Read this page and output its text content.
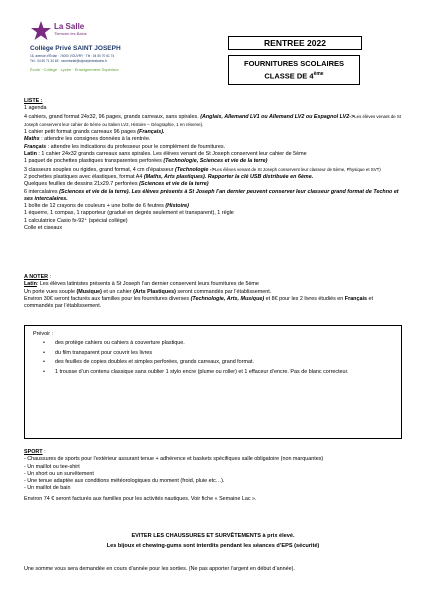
La Salle
Tlemcen les Bains
Collège Privé SAINT JOSEPH
16, avenue d’Évian · 74000 VOUVRY · Tél : 04 50 70 61 74
Tél : 04 50 71 34 65 · secretariat@stjosephdesbains.fr
École · Collège · Lycée · Enseignement Supérieur
RENTREE 2022
FOURNITURES SCOLAIRES
CLASSE DE 4ème
LISTE :
1 agenda
4 cahiers, grand format 24x32, 96 pages, grands carreaux, sans spirales. (Anglais, Allemand LV1 ou Allemand LV2 ou Espagnol LV2->Les élèves venant de St Joseph conservent leur cahier de 5ème ou Italien LV2, Histoire – Géographie, 1 en réserve).
1 cahier petit format grands carreaux 96 pages (Français).
Maths : attendre les consignes données à la rentrée.
Français : attendre les indications du professeur pour le complément de fournitures.
Latin : 1 cahier 24x32 grands carreaux sans spirales. Les élèves venant de St Joseph conservent leur cahier de 5ème
1 paquet de pochettes plastiques transparentes perforées (Technologie, Sciences et vie de la terre)
3 classeurs souples ou rigides, grand format, 4 cm d’épaisseur (Technologie ->Les élèves venant de St Joseph conservent leur classeur de 5ème, Physique et SVT)
2 pochettes plastiques avec élastiques, format A4 (Maths, Arts plastiques). Rapporter la clé USB distribuée en 6ème.
Quelques feuilles de dessins 21x29.7 perforées (Sciences et vie de la terre)
6 intercalaires (Sciences et vie de la terre). Les élèves présents à St Joseph l’an dernier peuvent conserver leur classeur grand format de Techno et ses intercalaires.
1 boîte de 12 crayons de couleurs + une boîte de 6 feutres (Histoire)
1 équerre, 1 compas, 1 rapporteur (gradué en degrés seulement et transparent), 1 règle
1 calculatrice Casio fx-92⁺ (spécial collège)
Colle et ciseaux
A NOTER :
Latin: Les élèves latinistes présents à St Joseph l’an dernier conservent leurs fournitures de 5ème
Un porte vues souple (Musique) et un cahier (Arts Plastiques) seront commandés par l’établissement.
Environ 30€ seront facturés aux familles pour les fournitures diverses (Technologie, Arts, Musique) et 8€ pour les 2 livres étudiés en Français et commandés par l’établissement.
Prévoir :
• des protège cahiers ou cahiers à couverture plastique.
• du film transparent pour couvrir les livres
• des feuilles de copies doubles et simples perforées, grands carreaux, grand format.
• 1 trousse d’un contenu classique sans oublier 1 stylo encre (plume ou roller) et 1 effaceur d’encre. Pas de blanc correcteur.
SPORT :
- Chaussures de sports pour l’extérieur assurant tenue + adhérence et baskets spécifiques salle obligatoire (non marquantes)
- Un maillot ou tee-shirt
- Un short ou un survêtement
- Une tenue adaptée aux conditions météorologiques du moment (froid, pluie etc…).
- Un maillot de bain
Environ 74 € seront facturés aux familles pour les activités nautiques. Voir fiche « Semaine Lac ».
EVITER LES CHAUSSURES ET SURVÊTEMENTS à prix élevé.
Les bijoux et chewing-gums sont interdits pendant les séances d’EPS (sécurité)
Une somme vous sera demandée en cours d’année pour les sorties. (Ne pas apporter l’argent en début d’année).
